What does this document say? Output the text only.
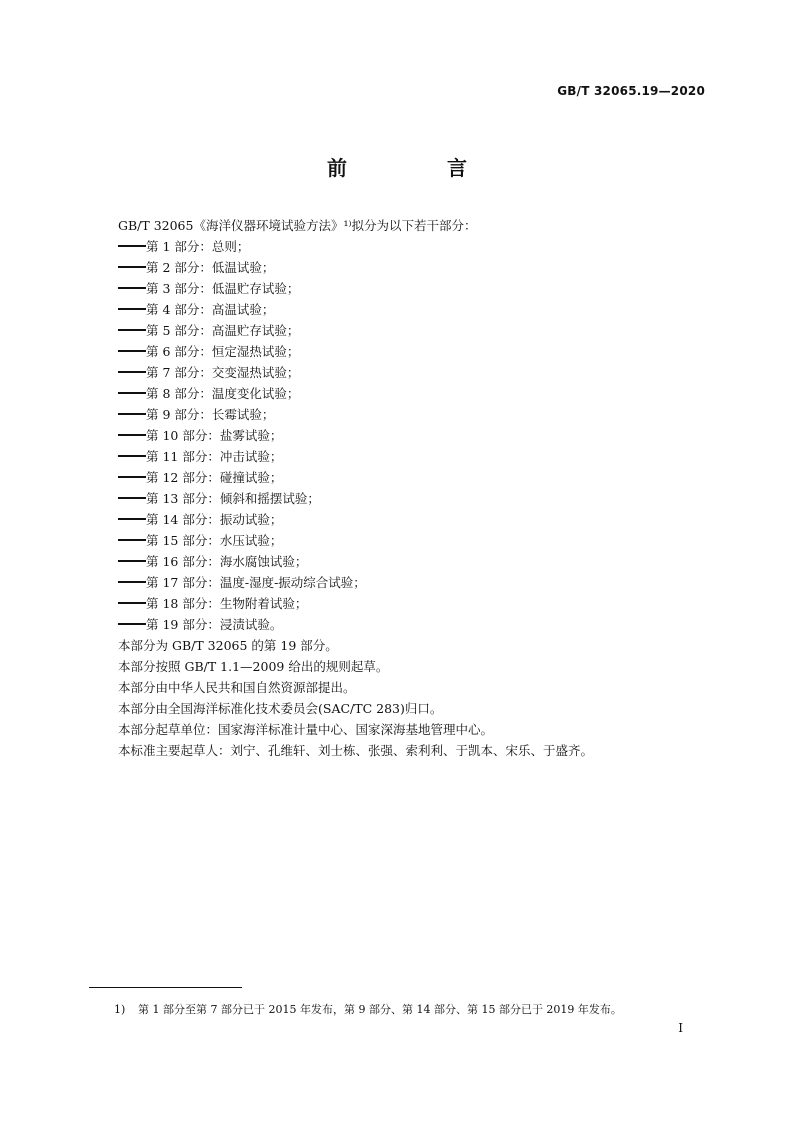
GB/T 32065.19—2020
前　言
GB/T 32065《海洋仪器环境试验方法》¹⁾拟分为以下若干部分：
第 1 部分：总则；
第 2 部分：低温试验；
第 3 部分：低温贮存试验；
第 4 部分：高温试验；
第 5 部分：高温贮存试验；
第 6 部分：恒定湿热试验；
第 7 部分：交变湿热试验；
第 8 部分：温度变化试验；
第 9 部分：长霉试验；
第 10 部分：盐雾试验；
第 11 部分：冲击试验；
第 12 部分：碰撞试验；
第 13 部分：倾斜和摇摆试验；
第 14 部分：振动试验；
第 15 部分：水压试验；
第 16 部分：海水腐蚀试验；
第 17 部分：温度-湿度-振动综合试验；
第 18 部分：生物附着试验；
第 19 部分：浸渍试验。
本部分为 GB/T 32065 的第 19 部分。
本部分按照 GB/T 1.1—2009 给出的规则起草。
本部分由中华人民共和国自然资源部提出。
本部分由全国海洋标准化技术委员会(SAC/TC 283)归口。
本部分起草单位：国家海洋标准计量中心、国家深海基地管理中心。
本标准主要起草人：刘宁、孔维轩、刘士栋、张强、索利利、于凯本、宋乐、于盛齐。
1) 第 1 部分至第 7 部分已于 2015 年发布，第 9 部分、第 14 部分、第 15 部分已于 2019 年发布。
I
